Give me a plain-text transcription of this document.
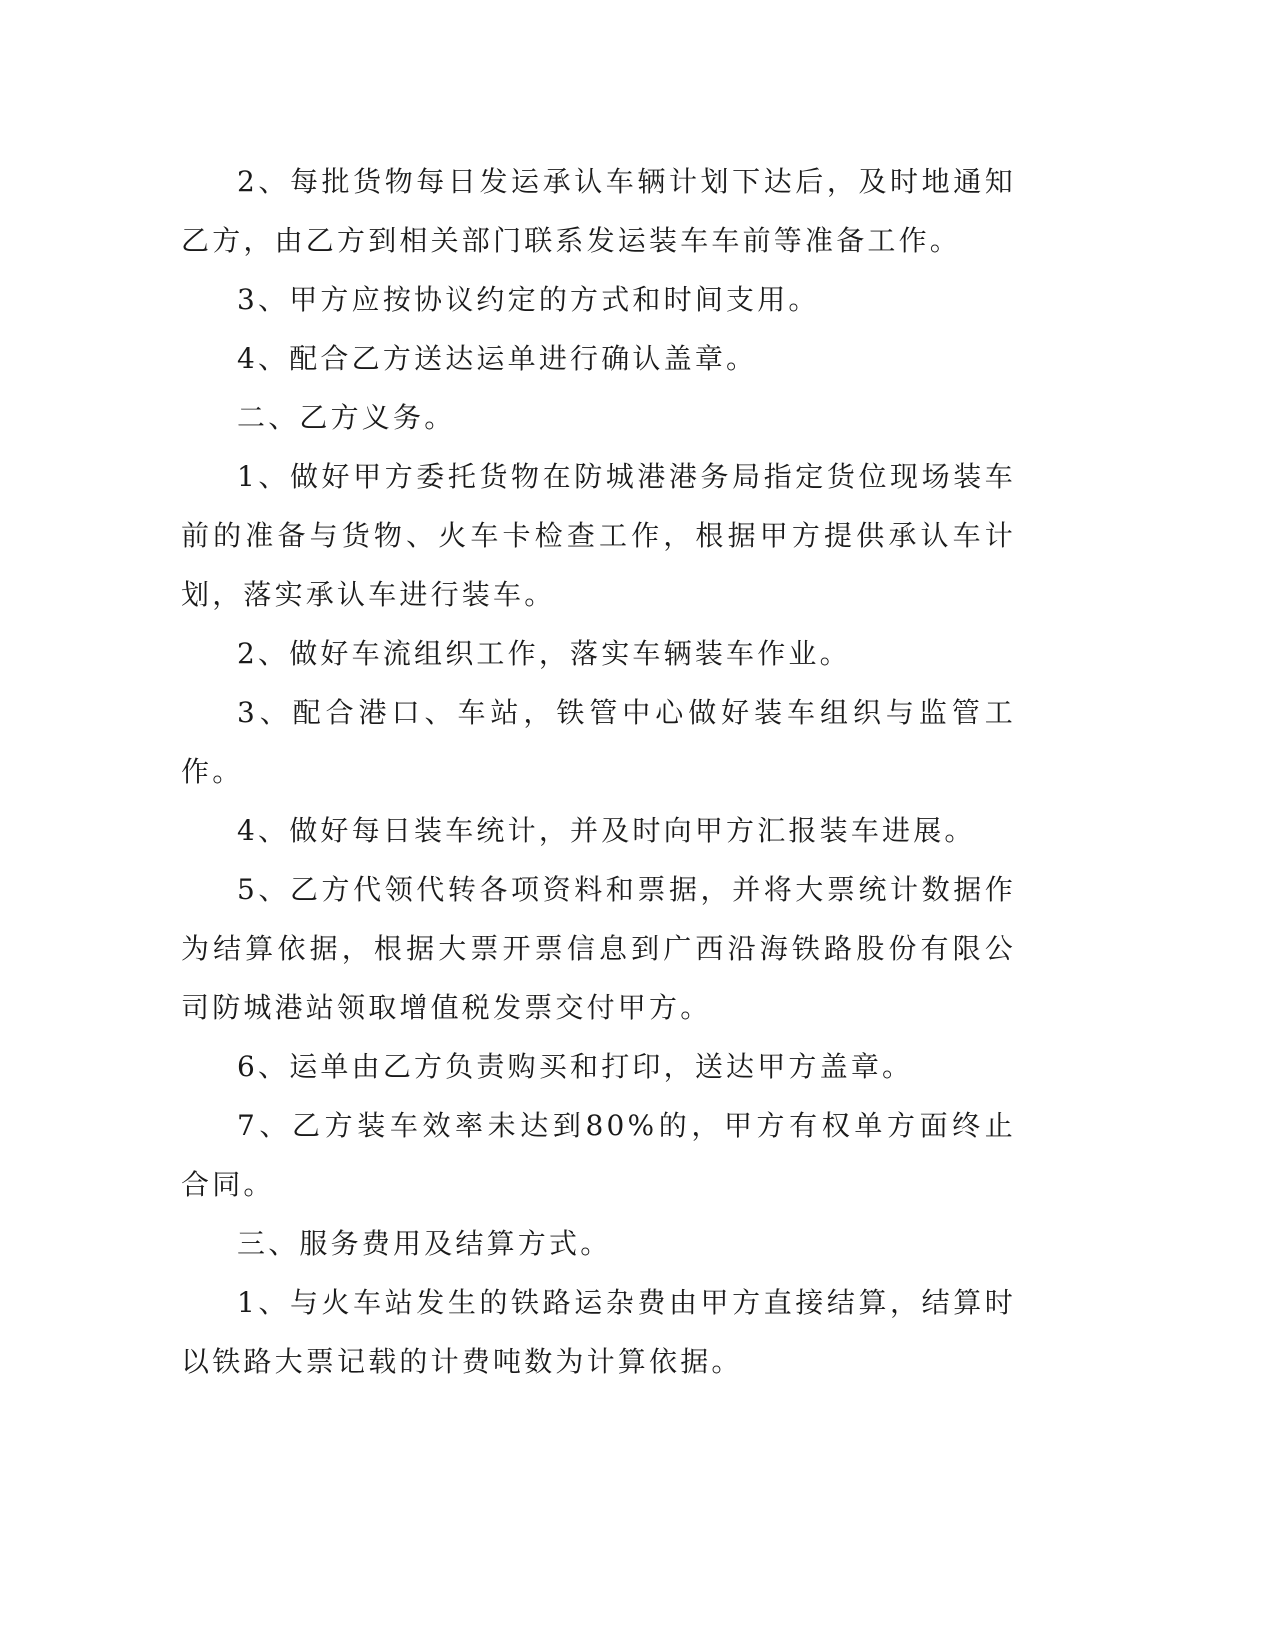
2、每批货物每日发运承认车辆计划下达后，及时地通知乙方，由乙方到相关部门联系发运装车车前等准备工作。

3、甲方应按协议约定的方式和时间支用。

4、配合乙方送达运单进行确认盖章。

二、乙方义务。

1、做好甲方委托货物在防城港港务局指定货位现场装车前的准备与货物、火车卡检查工作，根据甲方提供承认车计划，落实承认车进行装车。

2、做好车流组织工作，落实车辆装车作业。

3、配合港口、车站，铁管中心做好装车组织与监管工作。

4、做好每日装车统计，并及时向甲方汇报装车进展。

5、乙方代领代转各项资料和票据，并将大票统计数据作为结算依据，根据大票开票信息到广西沿海铁路股份有限公司防城港站领取增值税发票交付甲方。

6、运单由乙方负责购买和打印，送达甲方盖章。

7、乙方装车效率未达到80%的，甲方有权单方面终止合同。

三、服务费用及结算方式。

1、与火车站发生的铁路运杂费由甲方直接结算，结算时以铁路大票记载的计费吨数为计算依据。
